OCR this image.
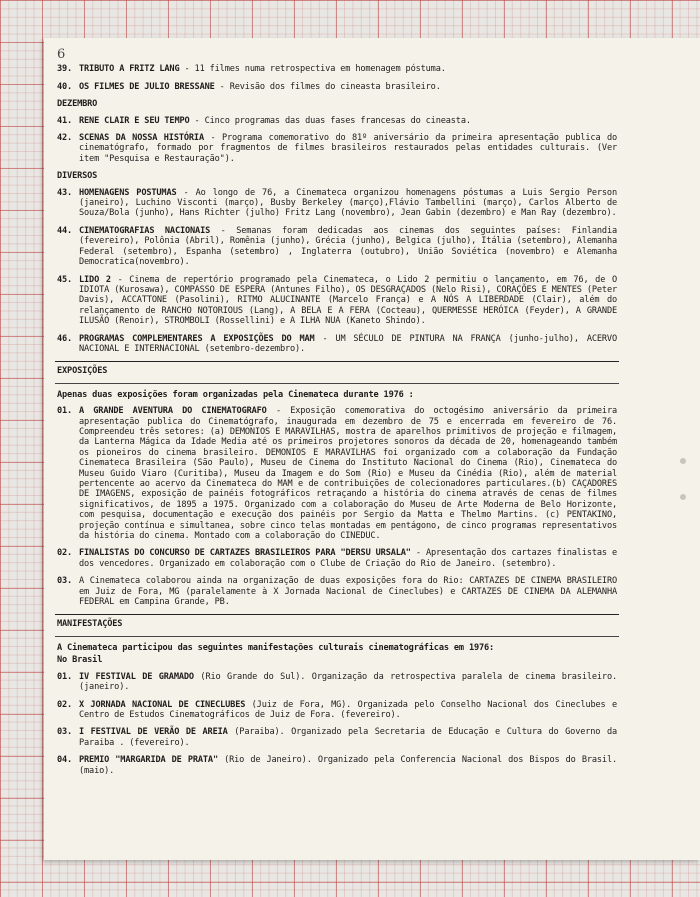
6
39. TRIBUTO A FRITZ LANG - 11 filmes numa retrospectiva em homenagem póstuma.
40. OS FILMES DE JULIO BRESSANE - Revisão dos filmes do cineasta brasileiro.
DEZEMBRO
41. RENE CLAIR E SEU TEMPO - Cinco programas das duas fases francesas do cineasta.
42. SCENAS DA NOSSA HISTÓRIA - Programa comemorativo do 81º aniversário da primeira apresentação publica do cinematógrafo, formado por fragmentos de filmes brasileiros restaurados pelas entidades culturais. (Ver item "Pesquisa e Restauração").
DIVERSOS
43. HOMENAGENS POSTUMAS - Ao longo de 76, a Cinemateca organizou homenagens póstumas a Luis Sergio Person (janeiro), Luchino Visconti (março), Busby Berkeley (março),Flávio Tambellini (março), Carlos Alberto de Souza/Bola (junho), Hans Richter (julho) Fritz Lang (novembro), Jean Gabin (dezembro) e Man Ray (dezembro).
44. CINEMATOGRAFIAS NACIONAIS - Semanas foram dedicadas aos cinemas dos seguintes países: Finlandia (fevereiro), Polônia (Abril), Romênia (junho), Grécia (junho), Belgica (julho), Itália (setembro), Alemanha Federal (setembro), Espanha (setembro) , Inglaterra (outubro), União Soviética (novembro) e Alemanha Democratica(novembro).
45. LIDO 2 - Cinema de repertório programado pela Cinemateca, o Lido 2 permitiu o lançamento, em 76, de O IDIOTA (Kurosawa), COMPASSO DE ESPERA (Antunes Filho), OS DESGRAÇADOS (Nelo Risi), CORAÇÕES E MENTES (Peter Davis), ACCATTONE (Pasolini), RITMO ALUCINANTE (Marcelo França) e A NÓS A LIBERDADE (Clair), além do relançamento de RANCHO NOTORIOUS (Lang), A BELA E A FERA (Cocteau), QUERMESSE HERÓICA (Feyder), A GRANDE ILUSÃO (Renoir), STROMBOLI (Rossellini) e A ILHA NUA (Kaneto Shindo).
46. PROGRAMAS COMPLEMENTARES A EXPOSIÇÕES DO MAM - UM SÉCULO DE PINTURA NA FRANÇA (junho-julho), ACERVO NACIONAL E INTERNACIONAL (setembro-dezembro).
EXPOSIÇÕES
Apenas duas exposições foram organizadas pela Cinemateca durante 1976 :
01. A GRANDE AVENTURA DO CINEMATOGRAFO - Exposição comemorativa do octogésimo aniversário da primeira apresentação publica do Cinematógrafo, inaugurada em dezembro de 75 e encerrada em fevereiro de 76. Compreendeu três setores: (a) DEMONIOS E MARAVILHAS, mostra de aparelhos primitivos de projeção e filmagem, da Lanterna Mágica da Idade Media até os primeiros projetores sonoros da década de 20, homenageando também os pioneiros do cinema brasileiro. DEMONIOS E MARAVILHAS foi organizado com a colaboração da Fundação Cinemateca Brasileira (São Paulo), Museu de Cinema do Instituto Nacional do Cinema (Rio), Cinemateca do Museu Guido Viaro (Curitiba), Museu da Imagem e do Som (Rio) e Museu da Cinédia (Rio), além de material pertencente ao acervo da Cinemateca do MAM e de contribuições de colecionadores particulares.(b) CAÇADORES DE IMAGENS, exposição de painéis fotográficos retraçando a história do cinema através de cenas de filmes significativos, de 1895 a 1975. Organizado com a colaboração do Museu de Arte Moderna de Belo Horizonte, com pesquisa, documentação e execução dos painéis por Sergio da Matta e Thelmo Martins. (c) PENTAKINO, projeção contínua e simultanea, sobre cinco telas montadas em pentágono, de cinco programas representativos da história do cinema. Montado com a colaboração do CINEDUC.
02. FINALISTAS DO CONCURSO DE CARTAZES BRASILEIROS PARA "DERSU URSALA" - Apresentação dos cartazes finalistas e dos vencedores. Organizado em colaboração com o Clube de Criação do Rio de Janeiro. (setembro).
03. A Cinemateca colaborou ainda na organização de duas exposições fora do Rio: CARTAZES DE CINEMA BRASILEIRO em Juiz de Fora, MG (paralelamente à X Jornada Nacional de Cineclubes) e CARTAZES DE CINEMA DA ALEMANHA FEDERAL em Campina Grande, PB.
MANIFESTAÇÕES
A Cinemateca participou das seguintes manifestações culturais cinematográficas em 1976:
No Brasil
01. IV FESTIVAL DE GRAMADO (Rio Grande do Sul). Organização da retrospectiva paralela de cinema brasileiro. (janeiro).
02. X JORNADA NACIONAL DE CINECLUBES (Juiz de Fora, MG). Organizada pelo Conselho Nacional dos Cineclubes e Centro de Estudos Cinematográficos de Juiz de Fora. (fevereiro).
03. I FESTIVAL DE VERÃO DE AREIA (Paraiba). Organizado pela Secretaria de Educação e Cultura do Governo da Paraiba . (fevereiro).
04. PREMIO "MARGARIDA DE PRATA" (Rio de Janeiro). Organizado pela Conferencia Nacional dos Bispos do Brasil. (maio).
